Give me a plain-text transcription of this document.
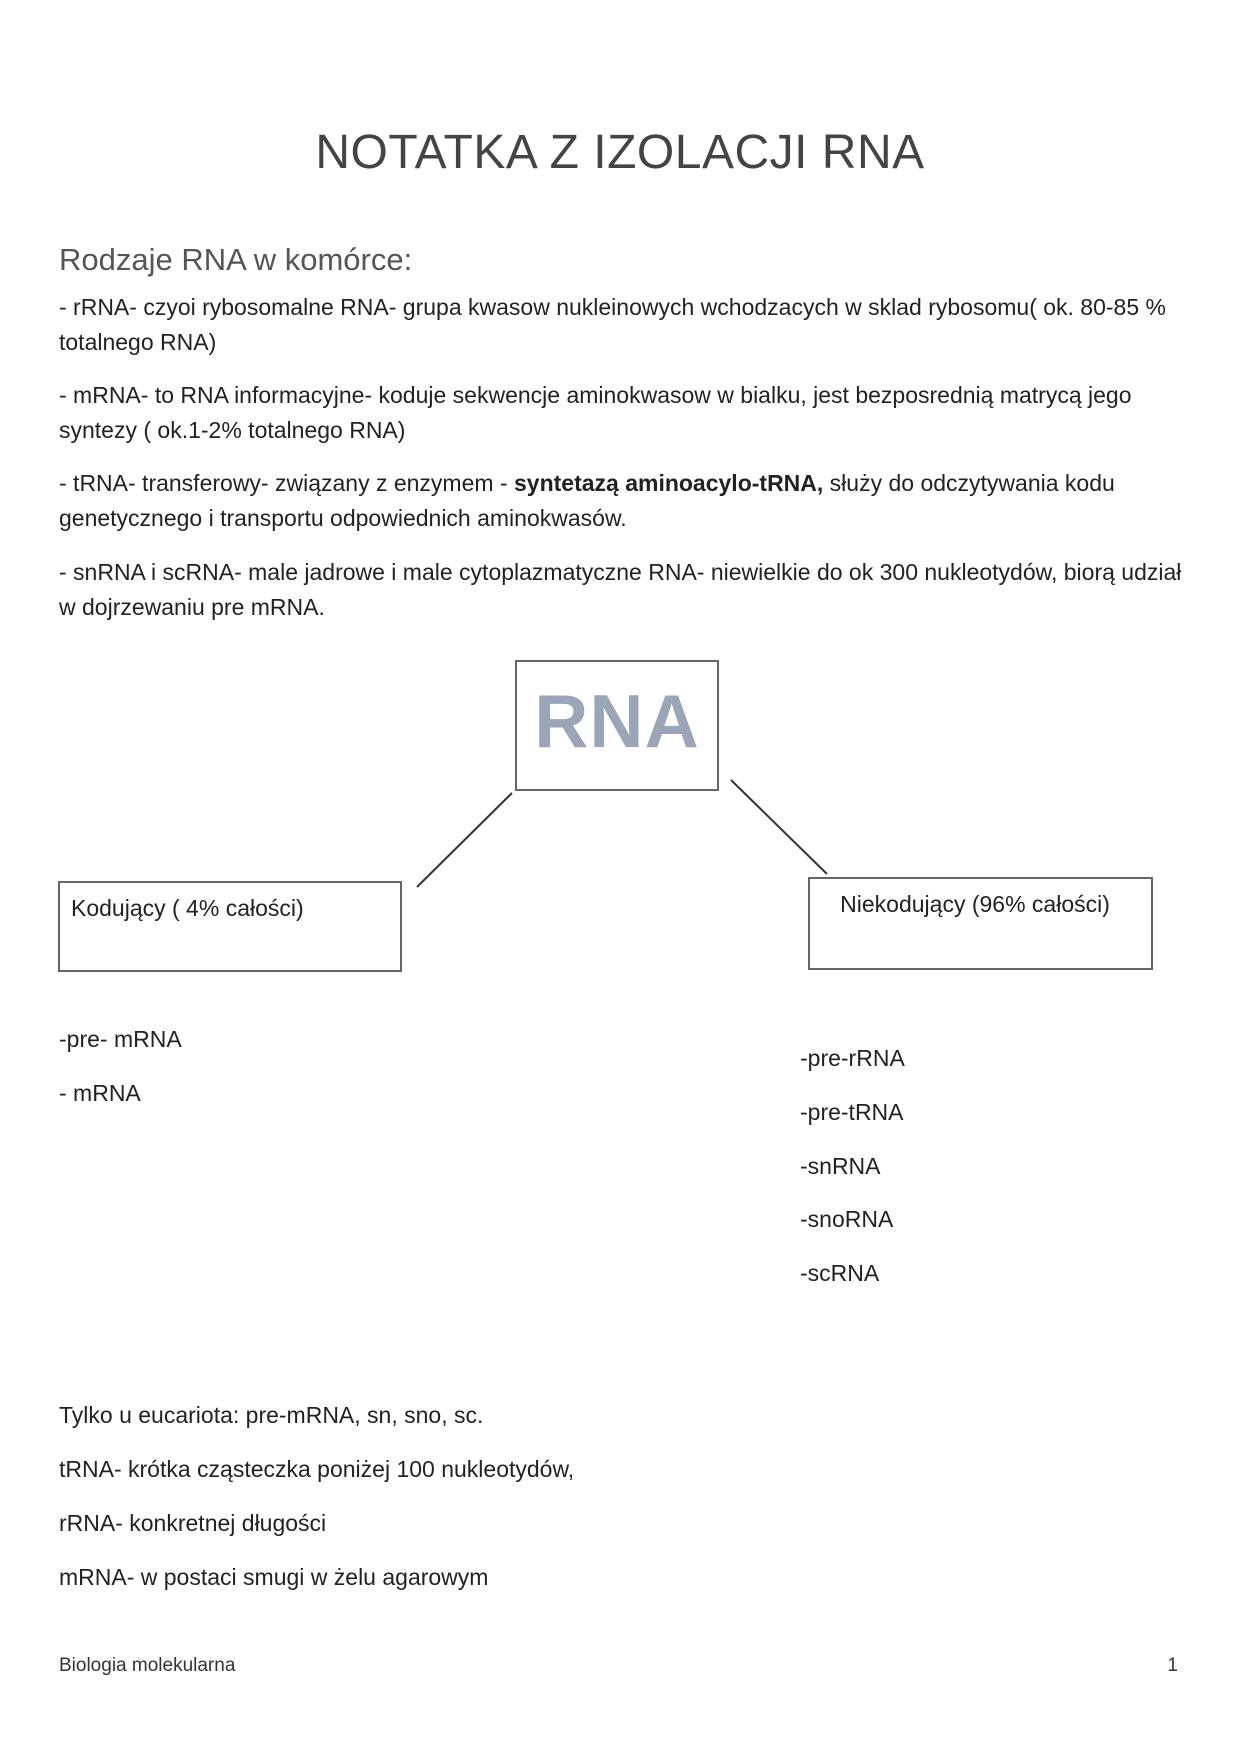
NOTATKA Z IZOLACJI RNA
Rodzaje RNA w komórce:
- rRNA- czyoi rybosomalne RNA- grupa kwasow nukleinowych wchodzacych w sklad rybosomu( ok. 80-85 % totalnego RNA)
- mRNA- to RNA informacyjne- koduje sekwencje aminokwasow w bialku, jest bezposrednią matrycą jego syntezy ( ok.1-2% totalnego RNA)
- tRNA- transferowy- związany z enzymem - syntetazą aminoacylo-tRNA, służy do odczytywania kodu genetycznego i transportu odpowiednich aminokwasów.
- snRNA i scRNA- male jadrowe i male cytoplazmatyczne RNA- niewielkie do ok 300 nukleotydów, biorą udział w dojrzewaniu pre mRNA.
RNA
Kodujący ( 4% całości)	Niekodujący (96% całości)
-pre- mRNA
- mRNA
-pre-rRNA
-pre-tRNA
-snRNA
-snoRNA
-scRNA
Tylko u eucariota: pre-mRNA, sn, sno, sc.
tRNA- krótka cząsteczka poniżej 100 nukleotydów,
rRNA- konkretnej długości
mRNA- w postaci smugi w żelu agarowym
Biologia molekularna	1
